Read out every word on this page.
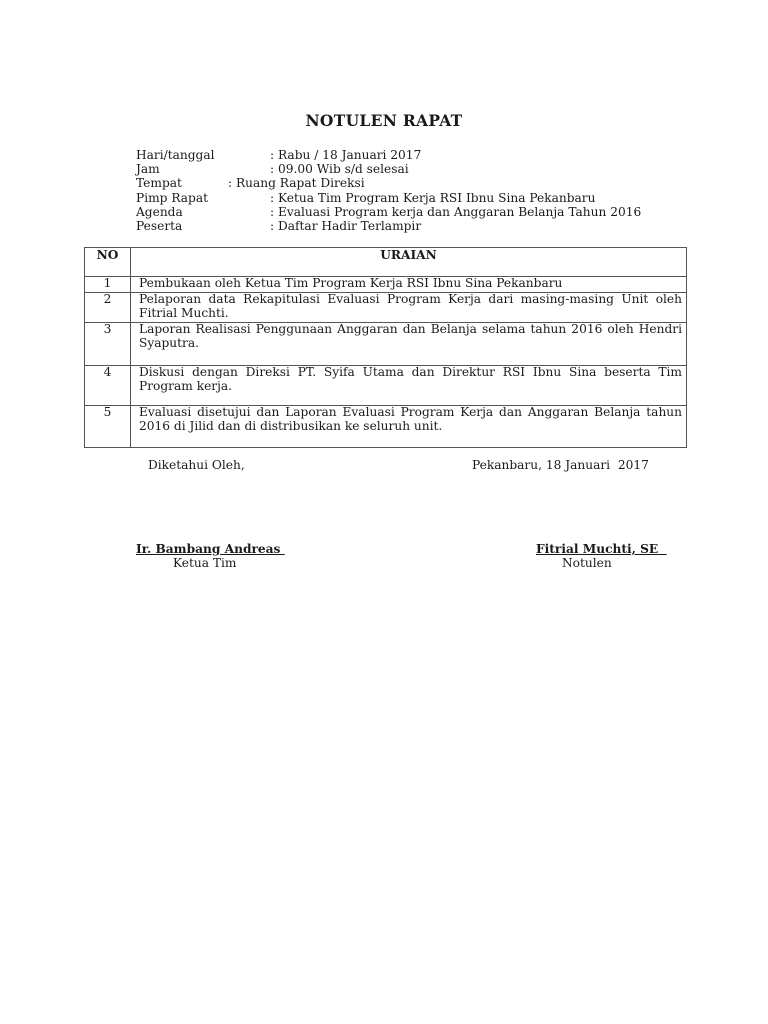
NOTULEN RAPAT
Hari/tanggal	: Rabu / 18 Januari 2017
Jam	: 09.00 Wib s/d selesai
Tempat	: Ruang Rapat Direksi
Pimp Rapat	: Ketua Tim Program Kerja RSI Ibnu Sina Pekanbaru
Agenda	: Evaluasi Program kerja dan Anggaran Belanja Tahun 2016
Peserta	: Daftar Hadir Terlampir
NO	URAIAN
1	Pembukaan oleh Ketua Tim Program Kerja RSI Ibnu Sina Pekanbaru
2	Pelaporan data Rekapitulasi Evaluasi Program Kerja dari masing-masing Unit oleh Fitrial Muchti.
3	Laporan Realisasi Penggunaan Anggaran dan Belanja selama tahun 2016 oleh Hendri Syaputra.
4	Diskusi dengan Direksi PT. Syifa Utama dan Direktur RSI Ibnu Sina beserta Tim Program kerja.
5	Evaluasi disetujui dan Laporan Evaluasi Program Kerja dan Anggaran Belanja tahun 2016 di Jilid dan di distribusikan ke seluruh unit.
Diketahui Oleh,	Pekanbaru, 18 Januari  2017
Ir. Bambang Andreas
Ketua Tim
Fitrial Muchti, SE
Notulen
